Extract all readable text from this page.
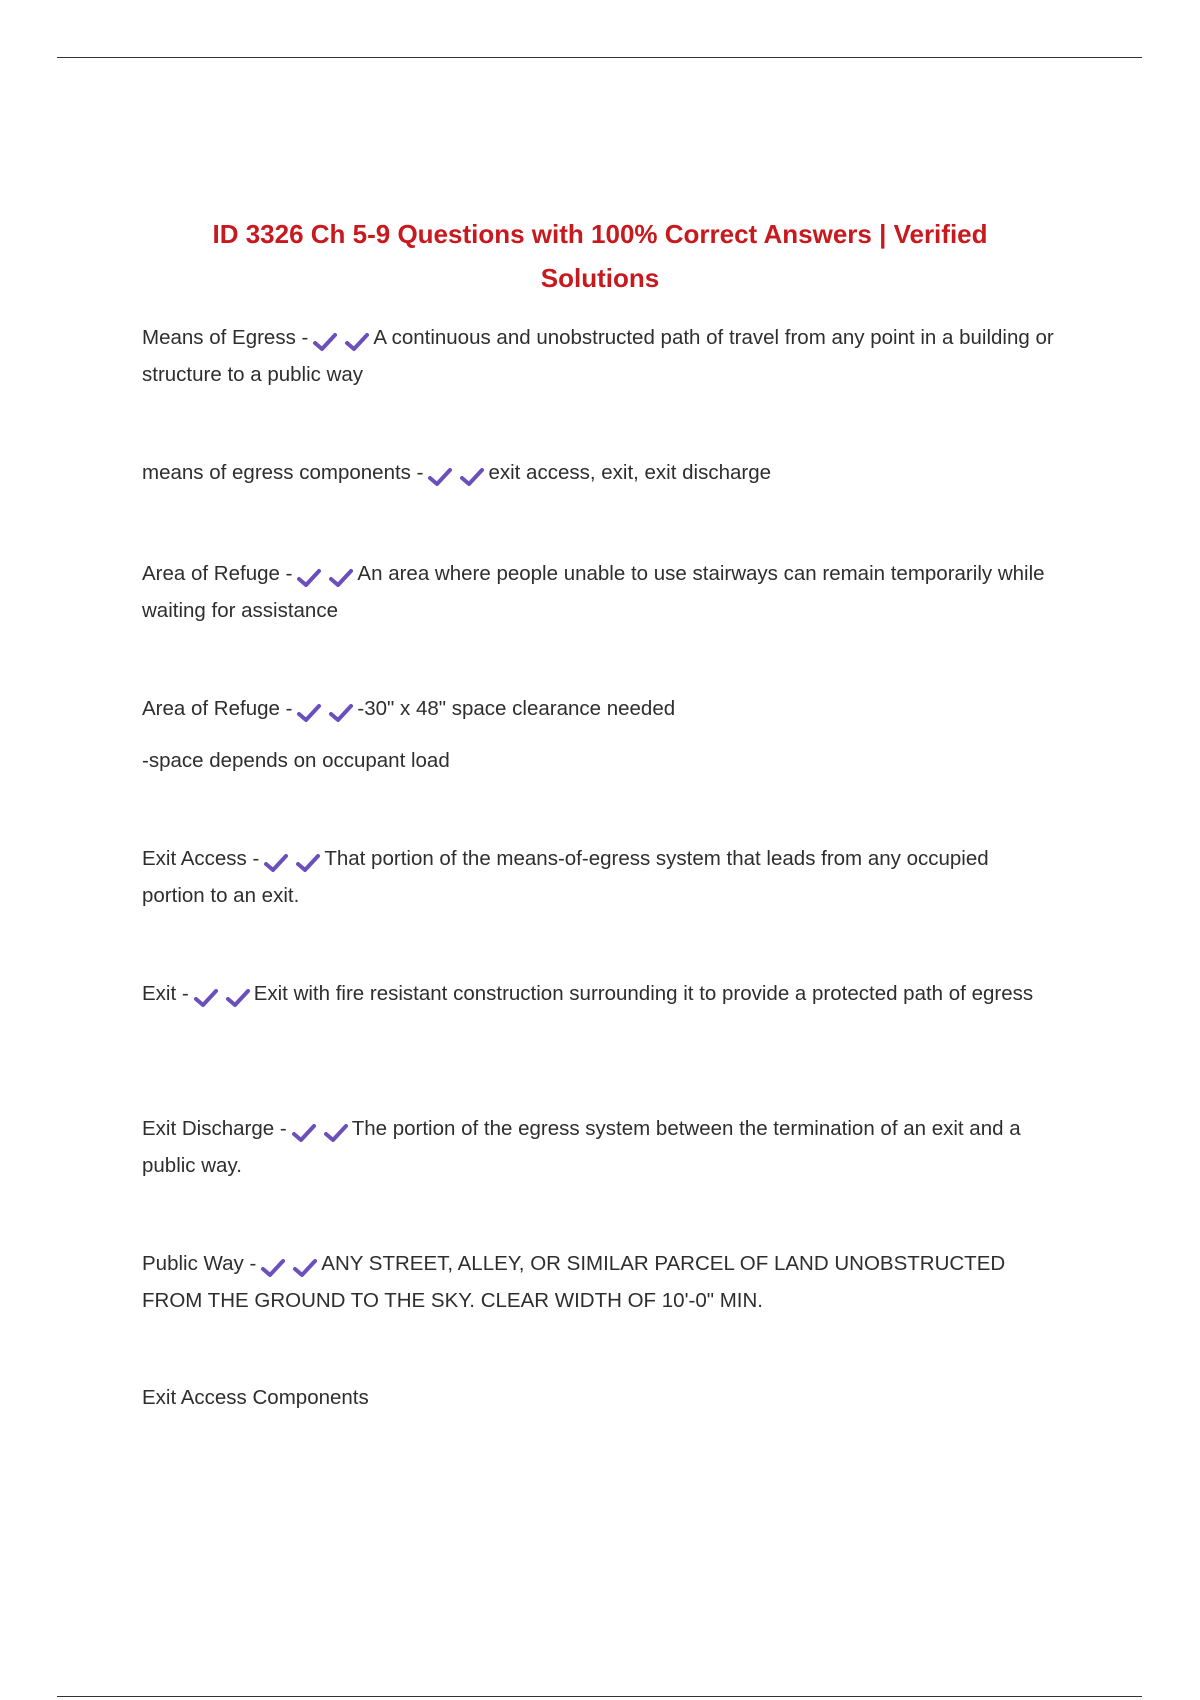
ID 3326 Ch 5-9 Questions with 100% Correct Answers | Verified Solutions

Means of Egress -	A continuous and unobstructed path of travel from any point in a building or structure to a public way

means of egress components -	exit access, exit, exit discharge

Area of Refuge -	An area where people unable to use stairways can remain temporarily while waiting for assistance

Area of Refuge -	-30" x 48" space clearance needed

-space depends on occupant load

Exit Access -	That portion of the means-of-egress system that leads from any occupied portion to an exit.

Exit -	Exit with fire resistant construction surrounding it to provide a protected path of egress

Exit Discharge -	The portion of the egress system between the termination of an exit and a public way.

Public Way -	ANY STREET, ALLEY, OR SIMILAR PARCEL OF LAND UNOBSTRUCTED FROM THE GROUND TO THE SKY. CLEAR WIDTH OF 10'-0" MIN.

Exit Access Components
